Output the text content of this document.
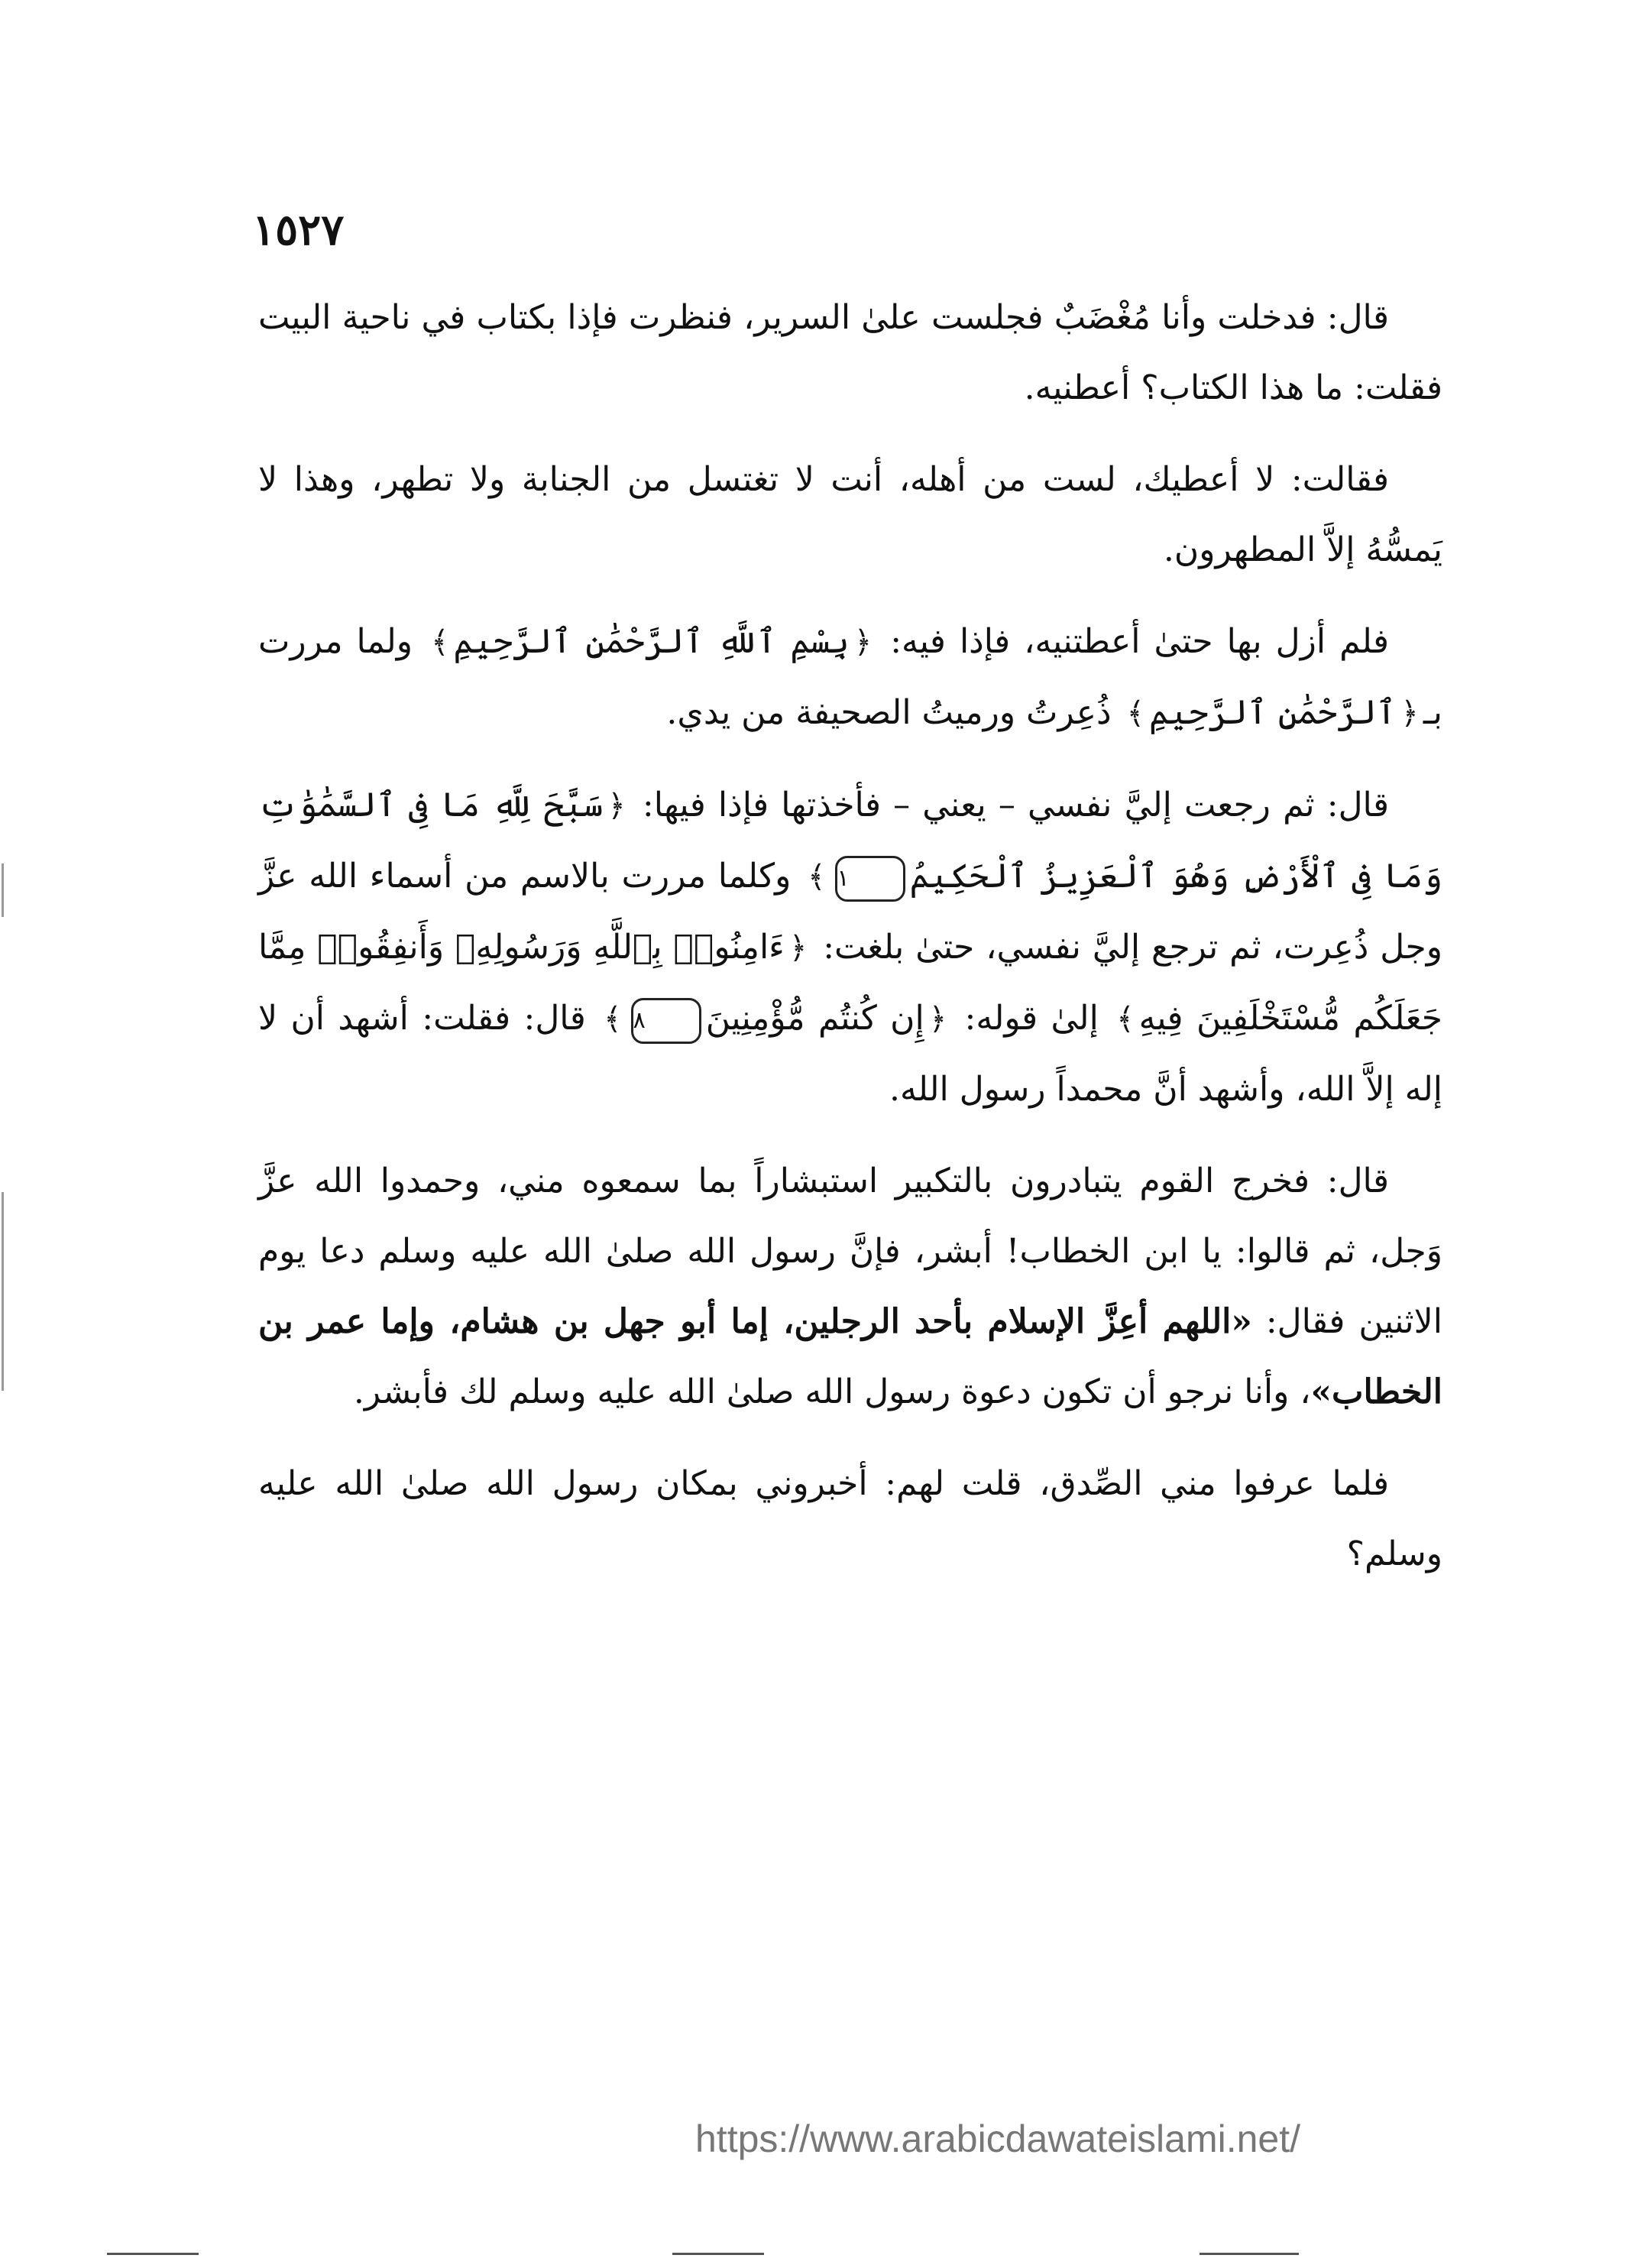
١٥٢٧

قال: فدخلت وأنا مُغْضَبٌ فجلست علىٰ السرير، فنظرت فإذا بكتاب في ناحية البيت فقلت: ما هذا الكتاب؟ أعطنيه.

فقالت: لا أعطيك، لست من أهله، أنت لا تغتسل من الجنابة ولا تطهر، وهذا لا يَمسُّهُ إلاَّ المطهرون.

فلم أزل بها حتىٰ أعطتنيه، فإذا فيه: ﴿بِسْمِ ٱللَّهِ ٱلرَّحْمَٰنِ ٱلرَّحِيمِ﴾ ولما مررت بـ﴿ٱلرَّحْمَٰنِ ٱلرَّحِيمِ﴾ ذُعِرتُ ورميتُ الصحيفة من يدي.

قال: ثم رجعت إليَّ نفسي – يعني – فأخذتها فإذا فيها: ﴿سَبَّحَ لِلَّهِ مَا فِى ٱلسَّمَٰوَٰتِ وَمَا فِى ٱلْأَرْضِ وَهُوَ ٱلْعَزِيزُ ٱلْحَكِيمُ١﴾ وكلما مررت بالاسم من أسماء الله عزَّ وجل ذُعِرت، ثم ترجع إليَّ نفسي، حتىٰ بلغت: ﴿ءَامِنُوا۟ بِٱللَّهِ وَرَسُولِهِۦ وَأَنفِقُوا۟ مِمَّا جَعَلَكُم مُّسْتَخْلَفِينَ فِيهِ﴾ إلىٰ قوله: ﴿إِن كُنتُم مُّؤْمِنِينَ٨﴾ قال: فقلت: أشهد أن لا إله إلاَّ الله، وأشهد أنَّ محمداً رسول الله.

قال: فخرج القوم يتبادرون بالتكبير استبشاراً بما سمعوه مني، وحمدوا الله عزَّ وَجل، ثم قالوا: يا ابن الخطاب! أبشر، فإنَّ رسول الله صلىٰ الله عليه وسلم دعا يوم الاثنين فقال: «اللهم أعِزَّ الإسلام بأحد الرجلين، إما أبو جهل بن هشام، وإما عمر بن الخطاب»، وأنا نرجو أن تكون دعوة رسول الله صلىٰ الله عليه وسلم لك فأبشر.

فلما عرفوا مني الصِّدق، قلت لهم: أخبروني بمكان رسول الله صلىٰ الله عليه وسلم؟

https://www.arabicdawateislami.net/
